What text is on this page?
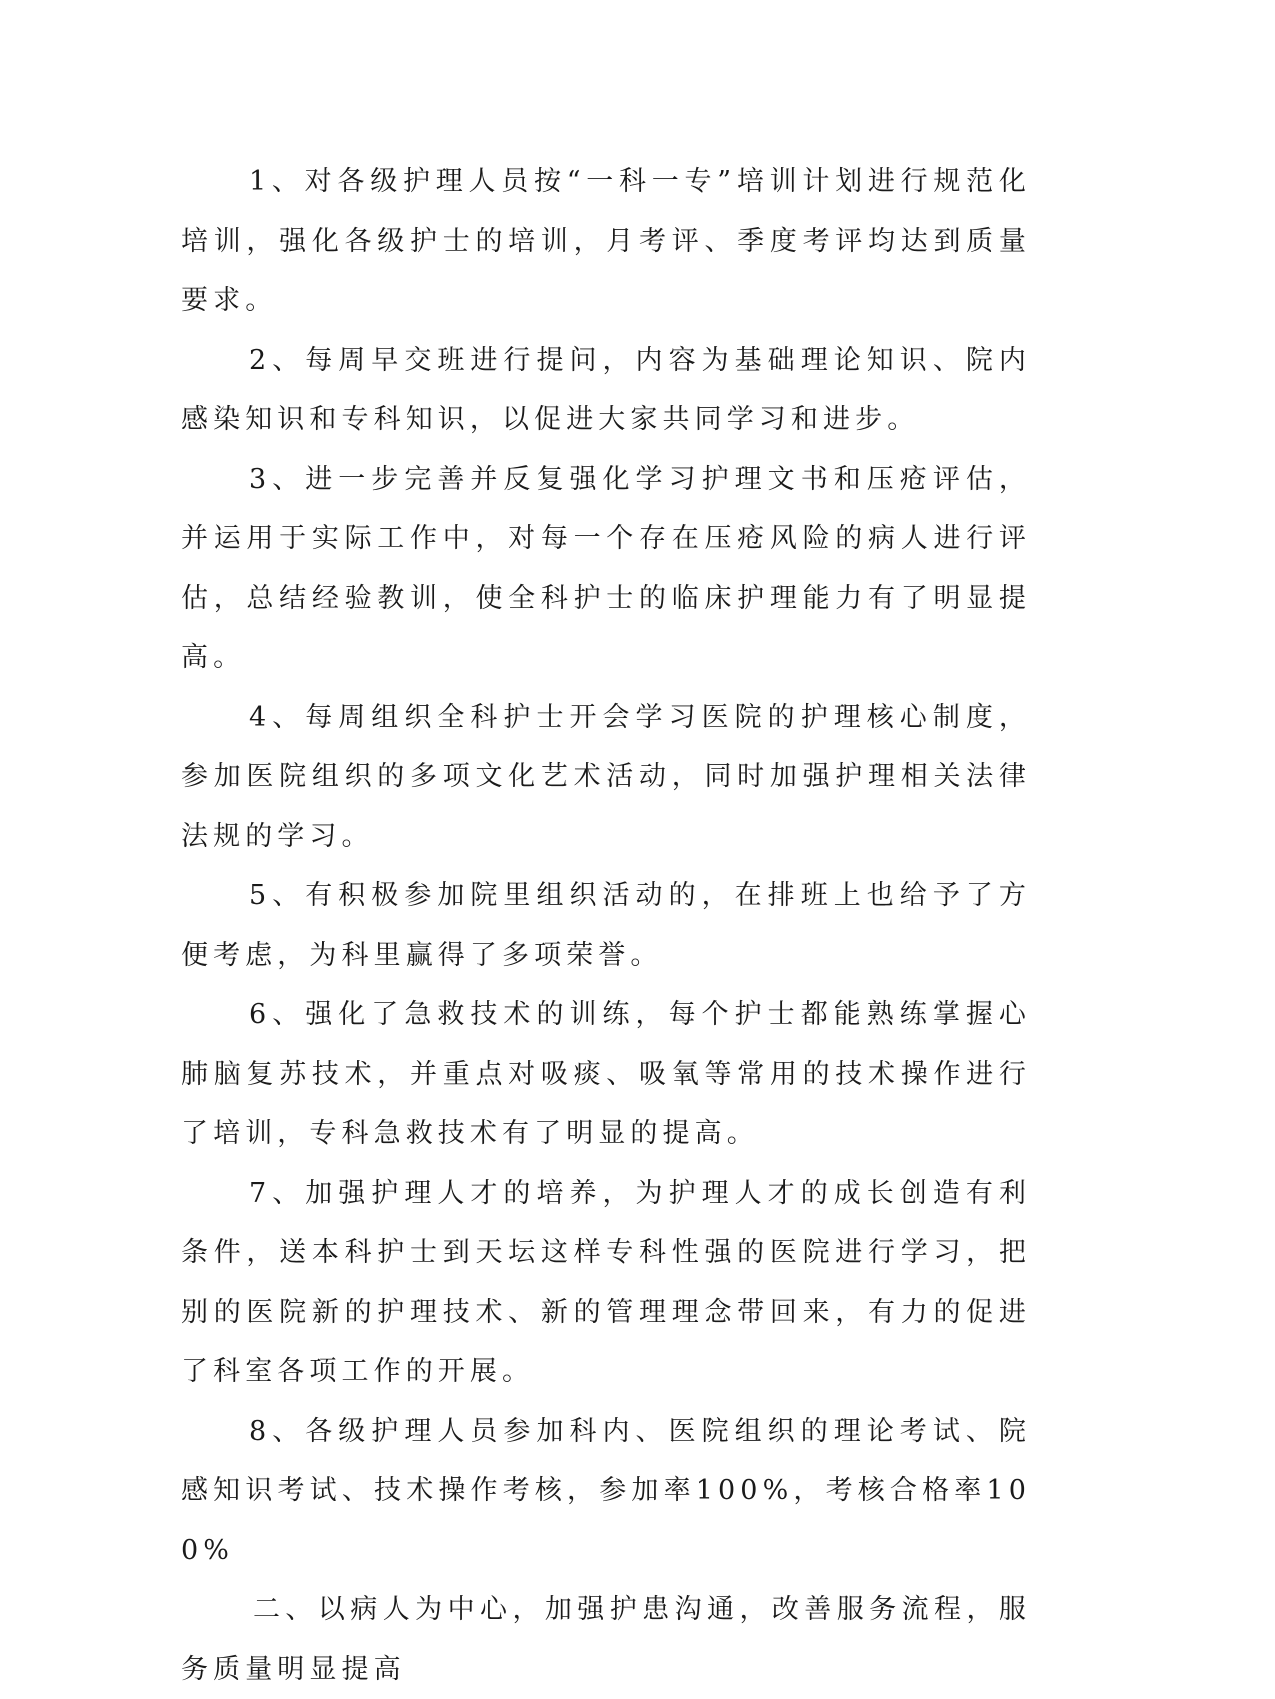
1、对各级护理人员按“一科一专”培训计划进行规范化培训，强化各级护士的培训，月考评、季度考评均达到质量要求。

2、每周早交班进行提问，内容为基础理论知识、院内感染知识和专科知识，以促进大家共同学习和进步。

3、进一步完善并反复强化学习护理文书和压疮评估，并运用于实际工作中，对每一个存在压疮风险的病人进行评估，总结经验教训，使全科护士的临床护理能力有了明显提高。

4、每周组织全科护士开会学习医院的护理核心制度，参加医院组织的多项文化艺术活动，同时加强护理相关法律法规的学习。

5、有积极参加院里组织活动的，在排班上也给予了方便考虑，为科里赢得了多项荣誉。

6、强化了急救技术的训练，每个护士都能熟练掌握心肺脑复苏技术，并重点对吸痰、吸氧等常用的技术操作进行了培训，专科急救技术有了明显的提高。

7、加强护理人才的培养，为护理人才的成长创造有利条件，送本科护士到天坛这样专科性强的医院进行学习，把别的医院新的护理技术、新的管理理念带回来，有力的促进了科室各项工作的开展。

8、各级护理人员参加科内、医院组织的理论考试、院感知识考试、技术操作考核，参加率100%，考核合格率100%

二、以病人为中心，加强护患沟通，改善服务流程，服务质量明显提高
